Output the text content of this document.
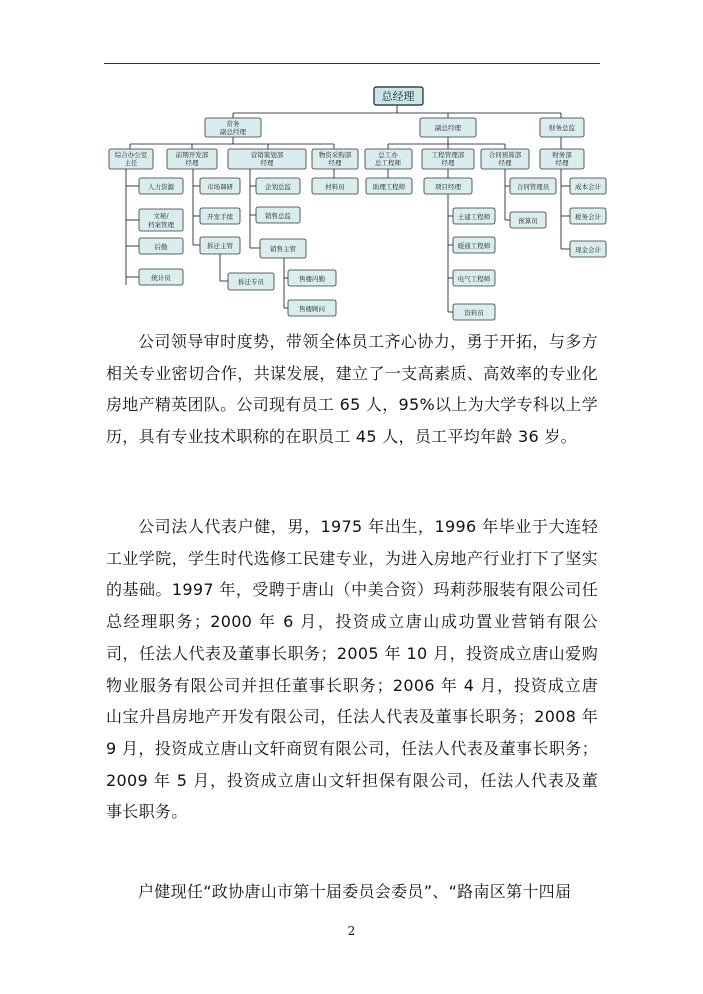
总经理
常务
副总经理	副总经理	财务总监
综合办公室
主任
前期开发部
经理
营销策划部
经理
物资采购部
经理
总工办
总工程师
工程管理部
经理
合同预算部
经理
财务部
经理
人力资源
文秘/
档案管理
后勤
统计员
市场调研
开发手续
拆迁主管
拆迁专员
企划总监
销售总监
销售主管
售楼内勤
售楼顾问
材料员	助理工程师	项目经理
土建工程师
暖通工程师
电气工程师
资料员
合同管理员
预算员
成本会计
税务会计
现金会计

公司领导审时度势，带领全体员工齐心协力，勇于开拓，与多方相关专业密切合作，共谋发展，建立了一支高素质、高效率的专业化房地产精英团队。公司现有员工 65 人，95%以上为大学专科以上学历，具有专业技术职称的在职员工 45 人，员工平均年龄 36 岁。

公司法人代表户健，男，1975 年出生，1996 年毕业于大连轻工业学院，学生时代选修工民建专业，为进入房地产行业打下了坚实的基础。1997 年，受聘于唐山（中美合资）玛莉莎服装有限公司任总经理职务；2000 年 6 月，投资成立唐山成功置业营销有限公司，任法人代表及董事长职务；2005 年 10 月，投资成立唐山爱购物业服务有限公司并担任董事长职务；2006 年 4 月，投资成立唐山宝升昌房地产开发有限公司，任法人代表及董事长职务；2008 年 9 月，投资成立唐山文轩商贸有限公司，任法人代表及董事长职务；2009 年 5 月，投资成立唐山文轩担保有限公司，任法人代表及董事长职务。

户健现任“政协唐山市第十届委员会委员”、“路南区第十四届

2
